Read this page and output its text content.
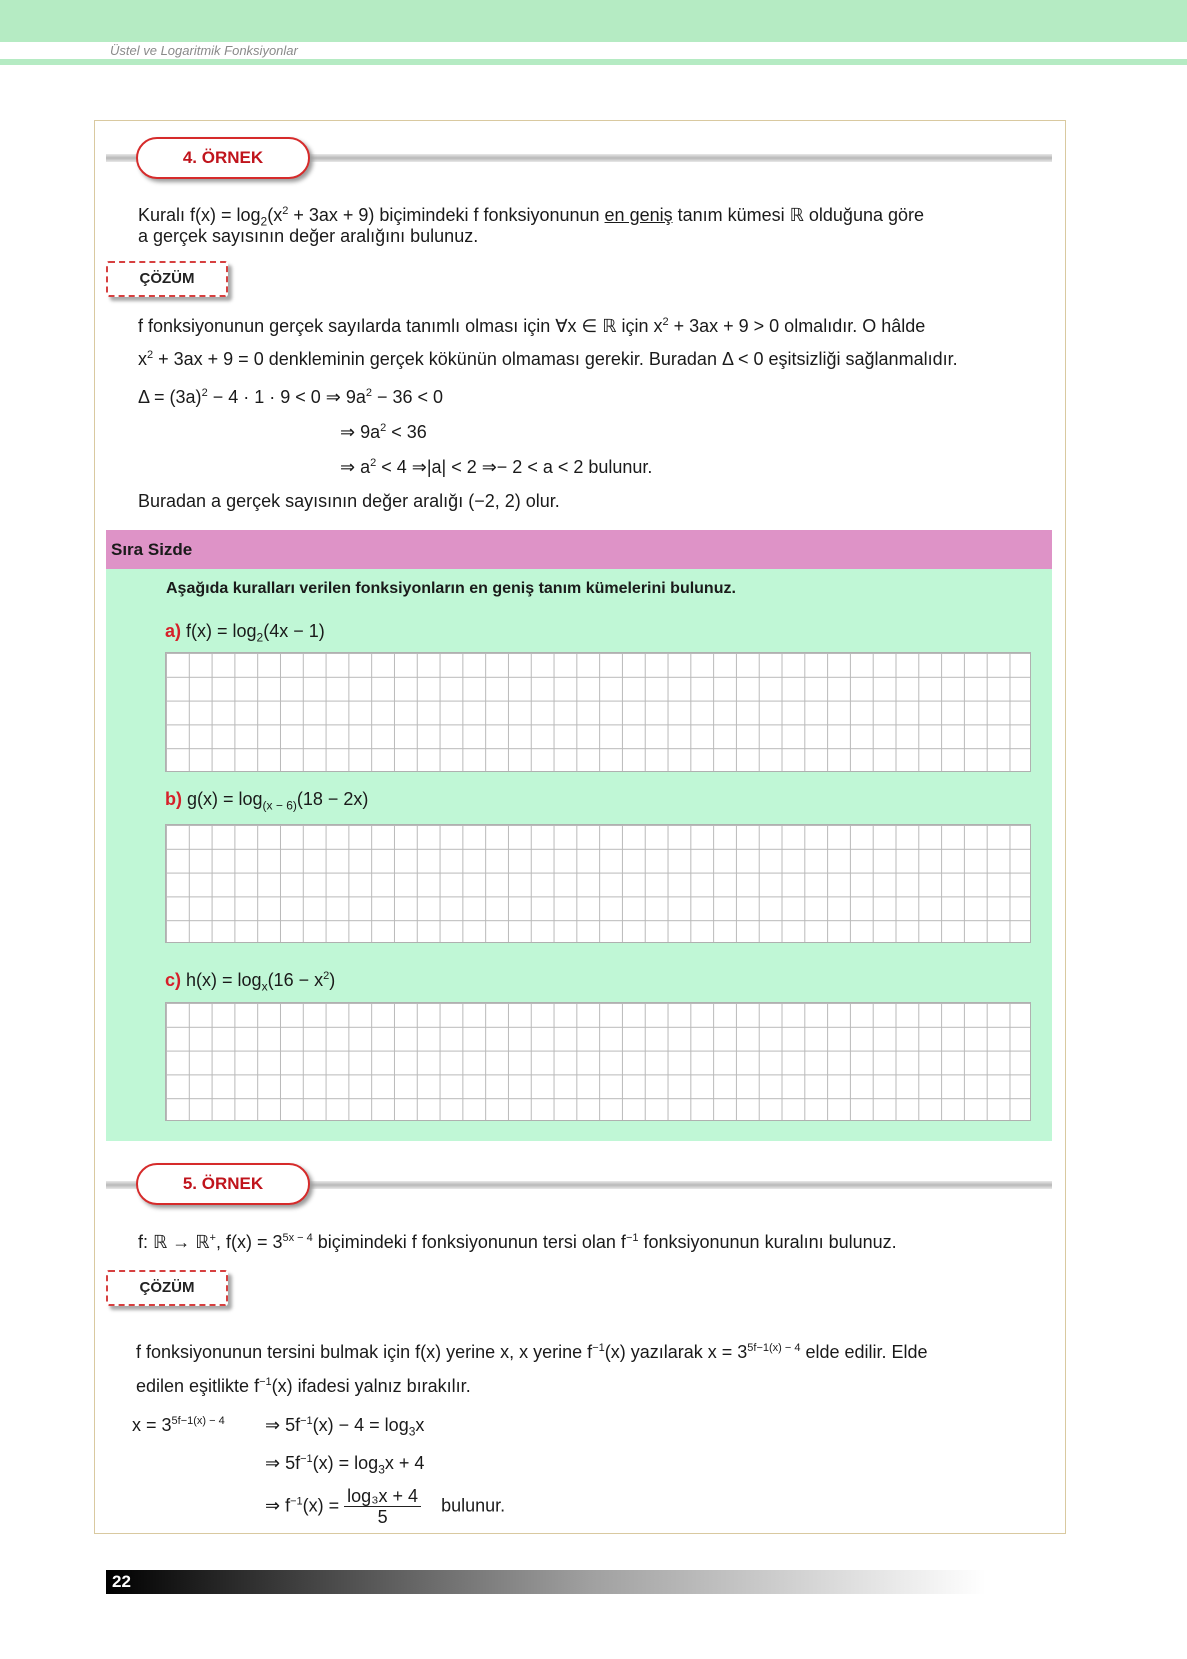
Üstel ve Logaritmik Fonksiyonlar
4. ÖRNEK
Kuralı $f(x) = \log_2(x^2 + 3ax + 9)$ biçimindeki f fonksiyonunun en geniş tanım kümesi ℝ olduğuna göre
a gerçek sayısının değer aralığını bulunuz.
ÇÖZÜM
f fonksiyonunun gerçek sayılarda tanımlı olması için ∀x ∈ ℝ için $x^2 + 3ax + 9 > 0$ olmalıdır. O hâlde
$x^2 + 3ax + 9 = 0$ denkleminin gerçek kökünün olmaması gerekir. Buradan Δ < 0 eşitsizliği sağlanmalıdır.
$\Delta = (3a)^2 - 4 \cdot 1 \cdot 9 < 0$ ⇒ $9a^2 - 36 < 0$
⇒ $9a^2 < 36$
⇒ $a^2 < 4$ ⇒|a| < 2 ⇒− 2 < a < 2 bulunur.
Buradan a gerçek sayısının değer aralığı (−2, 2) olur.
Sıra Sizde
Aşağıda kuralları verilen fonksiyonların en geniş tanım kümelerini bulunuz.
a) $f(x) = \log_2(4x - 1)$
b) $g(x) = \log_{(x - 6)}(18 - 2x)$
c) $h(x) = \log_x(16 - x^2)$
5. ÖRNEK
f: ℝ → ℝ+, $f(x) = 3^{5x - 4}$ biçimindeki f fonksiyonunun tersi olan $f^{-1}$ fonksiyonunun kuralını bulunuz.
ÇÖZÜM
f fonksiyonunun tersini bulmak için f(x) yerine x, x yerine $f^{-1}(x)$ yazılarak $x = 3^{5f-1(x) - 4}$ elde edilir. Elde
edilen eşitlikte $f^{-1}(x)$ ifadesi yalnız bırakılır.
$x = 3^{5f-1(x) - 4}$ ⇒ $5f^{-1}(x) - 4 = \log_3x$
⇒ $5f^{-1}(x) = \log_3x + 4$
⇒ $f^{-1}(x) = \frac{\text{log₃x + 4}}{5}$ bulunur.
22
